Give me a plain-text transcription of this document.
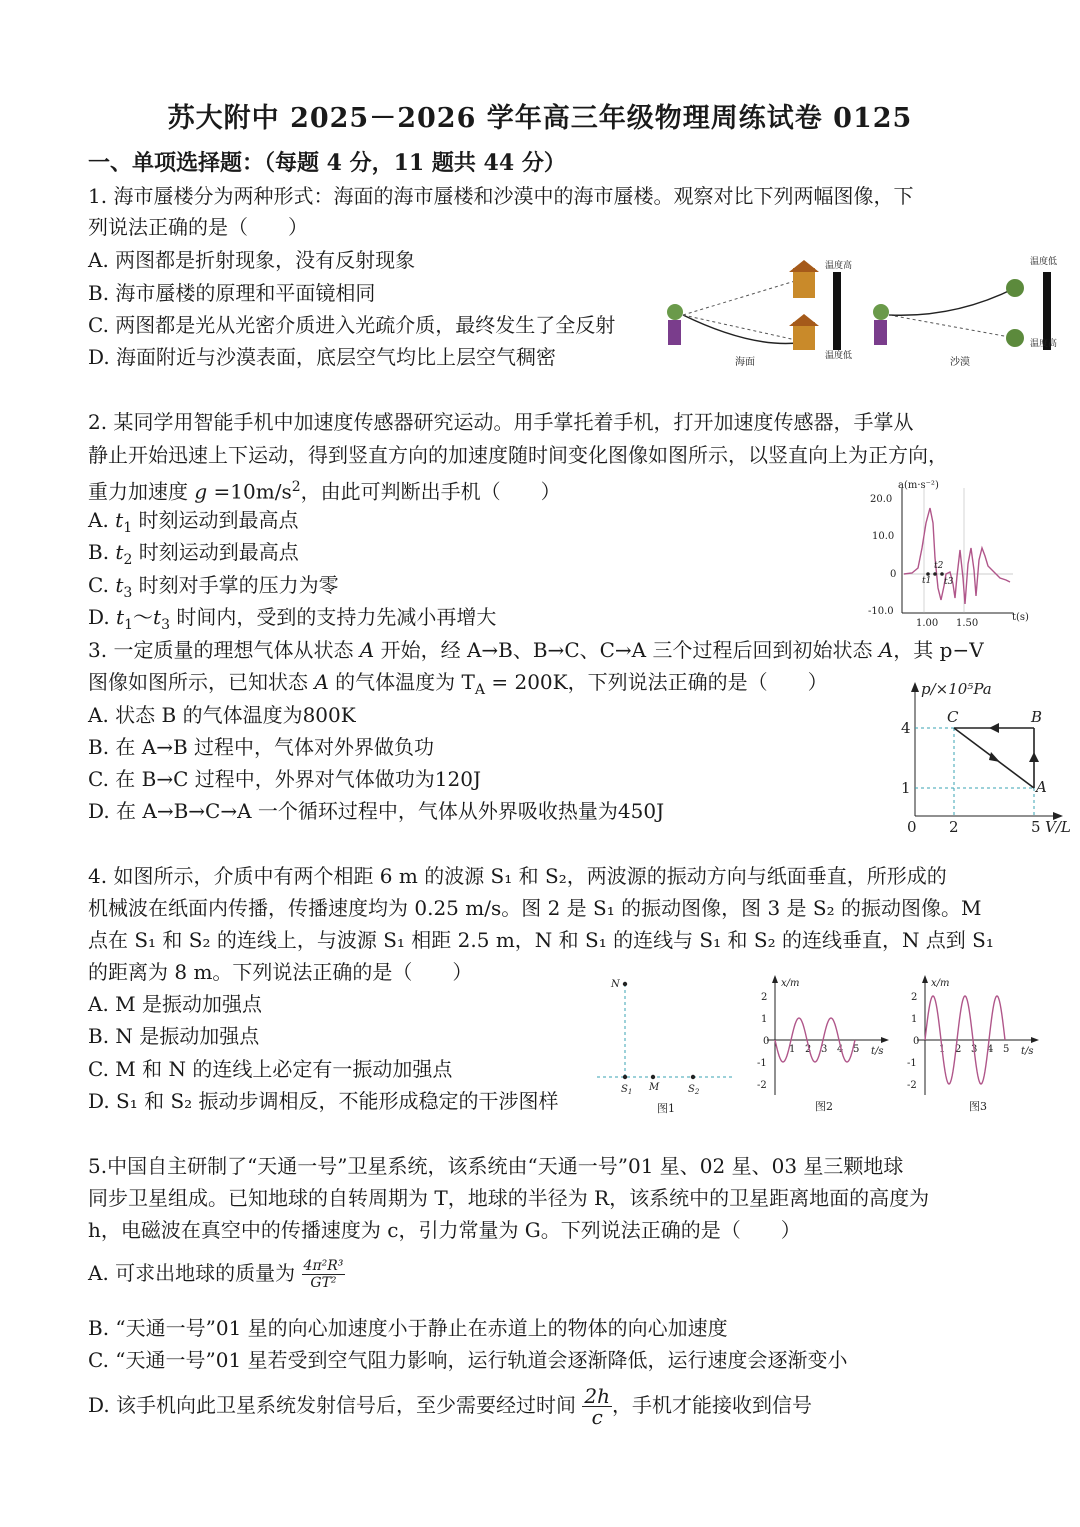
苏大附中 2025－2026 学年高三年级物理周练试卷 0125
一、单项选择题：（每题 4 分，11 题共 44 分）
1. 海市蜃楼分为两种形式：海面的海市蜃楼和沙漠中的海市蜃楼。观察对比下列两幅图像，下
列说法正确的是（　　）
A. 两图都是折射现象，没有反射现象
B. 海市蜃楼的原理和平面镜相同
C. 两图都是光从光密介质进入光疏介质，最终发生了全反射
D. 海面附近与沙漠表面，底层空气均比上层空气稠密
温度高
温度低
海面
温度低
温度高
沙漠
2. 某同学用智能手机中加速度传感器研究运动。用手掌托着手机，打开加速度传感器，手掌从
静止开始迅速上下运动，得到竖直方向的加速度随时间变化图像如图所示，以竖直向上为正方向，
重力加速度 $g =10m/s^2$，由此可判断出手机（　　）
A. $t_1$ 时刻运动到最高点
B. $t_2$ 时刻运动到最高点
C. $t_3$ 时刻对手掌的压力为零
D. $t_1\sim t_3$ 时间内，受到的支持力先减小再增大
a(m·s⁻²)
20.0
10.0
0
-10.0
1.00 1.50
t(s)
t1
t2
t3
3. 一定质量的理想气体从状态 A 开始，经 A→B、B→C、C→A 三个过程后回到初始状态 A，其 p−V
图像如图所示，已知状态 A 的气体温度为 $T_A = 200K$，下列说法正确的是（　　）
A. 状态 B 的气体温度为800K
B. 在 A→B 过程中，气体对外界做负功
C. 在 B→C 过程中，外界对气体做功为120J
D. 在 A→B→C→A 一个循环过程中，气体从外界吸收热量为450J
p/×10⁵Pa
V/L
0 2	5
1
4
C	B
A
4. 如图所示，介质中有两个相距 6 m 的波源 S₁ 和 S₂，两波源的振动方向与纸面垂直，所形成的
机械波在纸面内传播，传播速度均为 0.25 m/s。图 2 是 S₁ 的振动图像，图 3 是 S₂ 的振动图像。M
点在 S₁ 和 S₂ 的连线上，与波源 S₁ 相距 2.5 m，N 和 S₁ 的连线与 S₁ 和 S₂ 的连线垂直，N 点到 S₁
的距离为 8 m。下列说法正确的是（　　）
A. M 是振动加强点
B. N 是振动加强点
C. M 和 N 的连线上必定有一振动加强点
D. S₁ 和 S₂ 振动步调相反，不能形成稳定的干涉图样
N
$S_1$ M	$S_2$
图1
x/m
t/s
2
1
0
-1
-2
1 2 3 4 5
图2
x/m
t/s
2
1
0
-1
-2
1 2 3 4 5
图3
5.中国自主研制了“天通一号”卫星系统，该系统由“天通一号”01 星、02 星、03 星三颗地球
同步卫星组成。已知地球的自转周期为 T，地球的半径为 R，该系统中的卫星距离地面的高度为
h，电磁波在真空中的传播速度为 c，引力常量为 G。下列说法正确的是（　　）
A. 可求出地球的质量为 $\frac{\text{4π²R³}}{\text{GT²}}$
B. “天通一号”01 星的向心加速度小于静止在赤道上的物体的向心加速度
C. “天通一号”01 星若受到空气阻力影响，运行轨道会逐渐降低，运行速度会逐渐变小
D. 该手机向此卫星系统发射信号后，至少需要经过时间 $\frac{2h}{c}$ ，手机才能接收到信号
